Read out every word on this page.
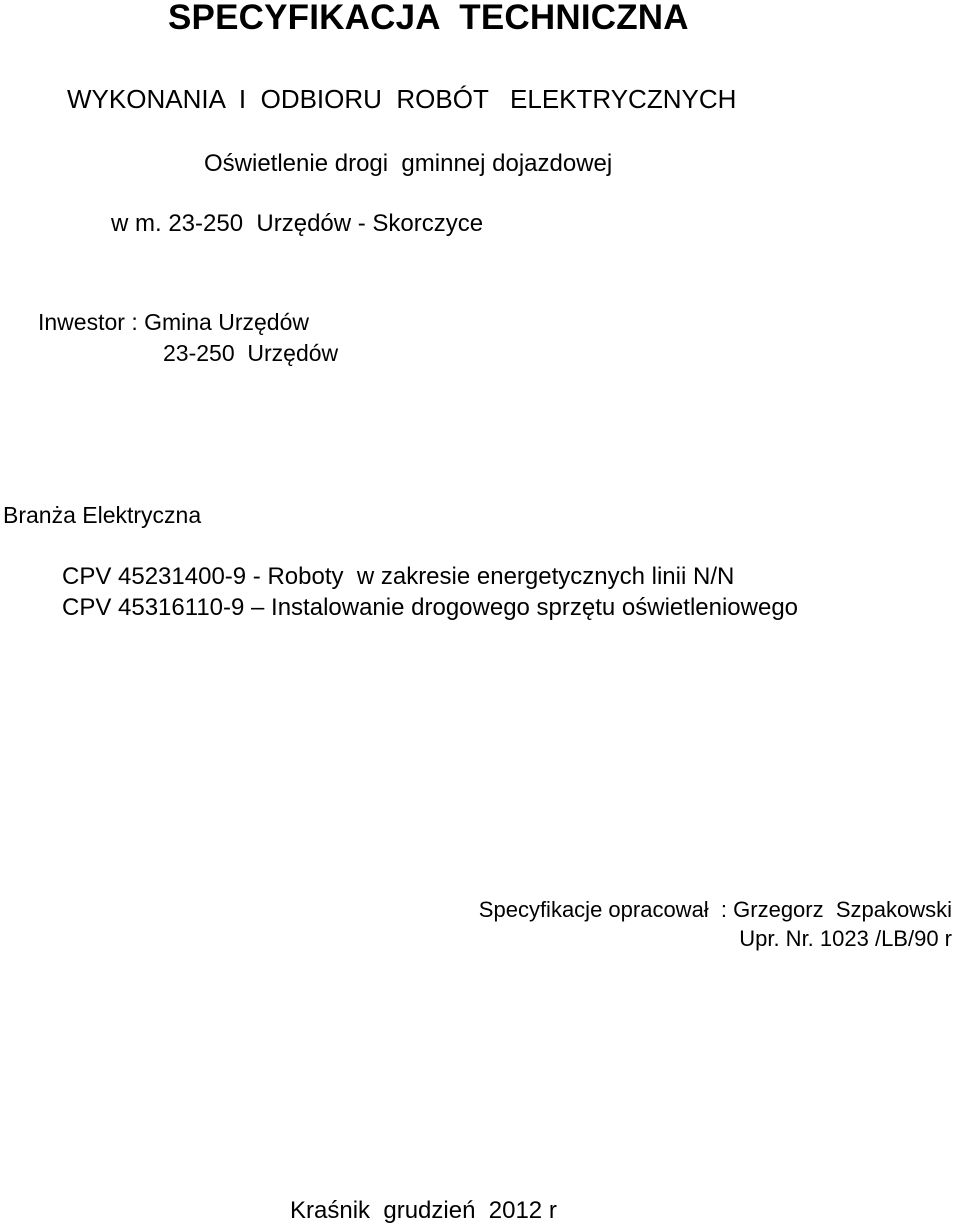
SPECYFIKACJA  TECHNICZNA
WYKONANIA  I  ODBIORU  ROBÓT   ELEKTRYCZNYCH
Oświetlenie drogi  gminnej dojazdowej
w m. 23-250  Urzędów - Skorczyce
Inwestor : Gmina Urzędów
23-250  Urzędów
Branża Elektryczna
CPV 45231400-9 - Roboty  w zakresie energetycznych linii N/N
CPV 45316110-9 – Instalowanie drogowego sprzętu oświetleniowego
Specyfikacje opracował  : Grzegorz  Szpakowski
Upr. Nr. 1023 /LB/90 r
Kraśnik  grudzień  2012 r
